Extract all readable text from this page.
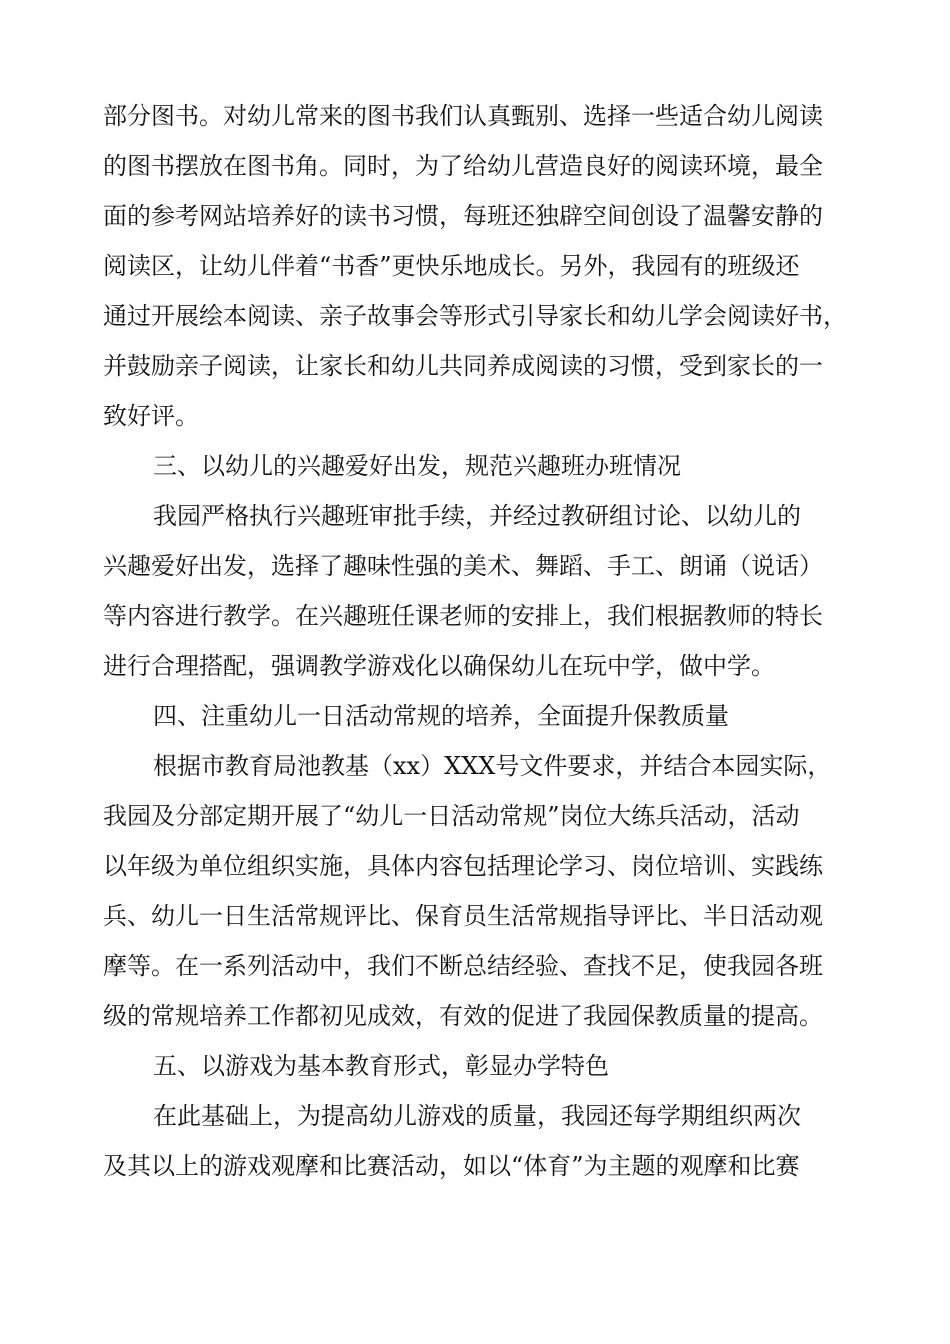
部分图书。对幼儿常来的图书我们认真甄别、选择一些适合幼儿阅读
的图书摆放在图书角。同时，为了给幼儿营造良好的阅读环境，最全
面的参考网站培养好的读书习惯，每班还独辟空间创设了温馨安静的
阅读区，让幼儿伴着“书香”更快乐地成长。另外，我园有的班级还
通过开展绘本阅读、亲子故事会等形式引导家长和幼儿学会阅读好书，
并鼓励亲子阅读，让家长和幼儿共同养成阅读的习惯，受到家长的一
致好评。
三、以幼儿的兴趣爱好出发，规范兴趣班办班情况
我园严格执行兴趣班审批手续，并经过教研组讨论、以幼儿的
兴趣爱好出发，选择了趣味性强的美术、舞蹈、手工、朗诵（说话）
等内容进行教学。在兴趣班任课老师的安排上，我们根据教师的特长
进行合理搭配，强调教学游戏化以确保幼儿在玩中学，做中学。
四、注重幼儿一日活动常规的培养，全面提升保教质量
根据市教育局池教基（xx）XXX号文件要求，并结合本园实际，
我园及分部定期开展了“幼儿一日活动常规”岗位大练兵活动，活动
以年级为单位组织实施，具体内容包括理论学习、岗位培训、实践练
兵、幼儿一日生活常规评比、保育员生活常规指导评比、半日活动观
摩等。在一系列活动中，我们不断总结经验、查找不足，使我园各班
级的常规培养工作都初见成效，有效的促进了我园保教质量的提高。
五、以游戏为基本教育形式，彰显办学特色
在此基础上，为提高幼儿游戏的质量，我园还每学期组织两次
及其以上的游戏观摩和比赛活动，如以“体育”为主题的观摩和比赛
